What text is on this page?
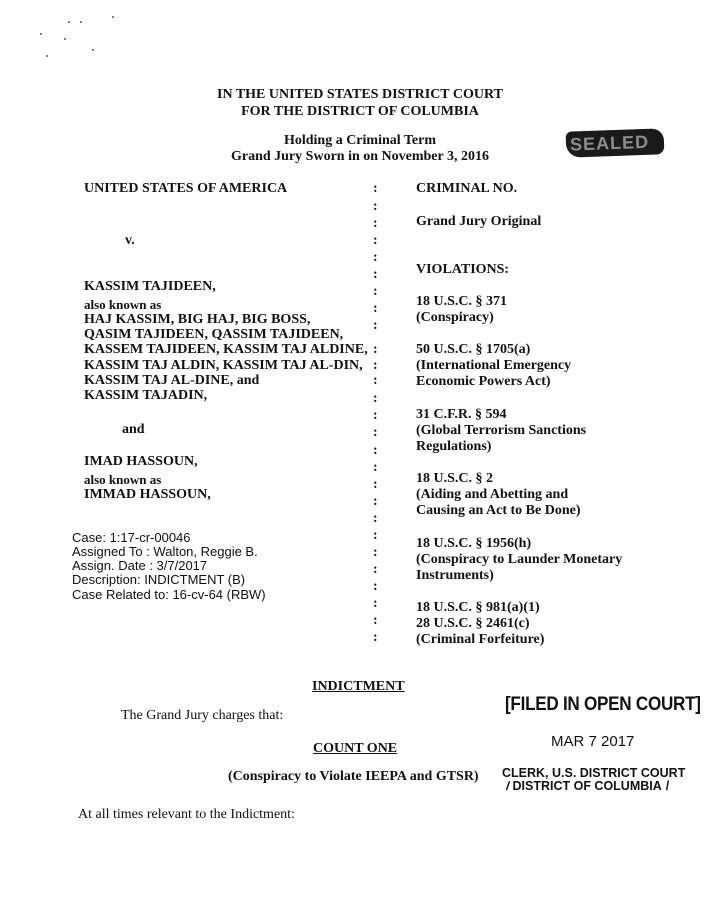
IN THE UNITED STATES DISTRICT COURT
FOR THE DISTRICT OF COLUMBIA
Holding a Criminal Term
Grand Jury Sworn in on November 3, 2016
SEALED
UNITED STATES OF AMERICA
v.
KASSIM TAJIDEEN,
also known as
HAJ KASSIM, BIG HAJ, BIG BOSS,
QASIM TAJIDEEN, QASSIM TAJIDEEN,
KASSEM TAJIDEEN, KASSIM TAJ ALDINE,
KASSIM TAJ ALDIN, KASSIM TAJ AL-DIN,
KASSIM TAJ AL-DINE, and
KASSIM TAJADIN,
and
IMAD HASSOUN,
also known as
IMMAD HASSOUN,
Case: 1:17-cr-00046
Assigned To : Walton, Reggie B.
Assign. Date : 3/7/2017
Description: INDICTMENT (B)
Case Related to: 16-cv-64 (RBW)
:
:
:
:
:
:
:
:
:
:
:
:
:
:
:
:
:
:
:
:
:
:
:
:
:
:
:
CRIMINAL NO.
Grand Jury Original
VIOLATIONS:
18 U.S.C. § 371
(Conspiracy)
50 U.S.C. § 1705(a)
(International Emergency
Economic Powers Act)
31 C.F.R. § 594
(Global Terrorism Sanctions
Regulations)
18 U.S.C. § 2
(Aiding and Abetting and
Causing an Act to Be Done)
18 U.S.C. § 1956(h)
(Conspiracy to Launder Monetary
Instruments)
18 U.S.C. § 981(a)(1)
28 U.S.C. § 2461(c)
(Criminal Forfeiture)
INDICTMENT
The Grand Jury charges that:
COUNT ONE
(Conspiracy to Violate IEEPA and GTSR)
At all times relevant to the Indictment:
[FILED IN OPEN COURT]
MAR 7 2017
CLERK, U.S. DISTRICT COURT
\DISTRICT OF COLUMBIA /
